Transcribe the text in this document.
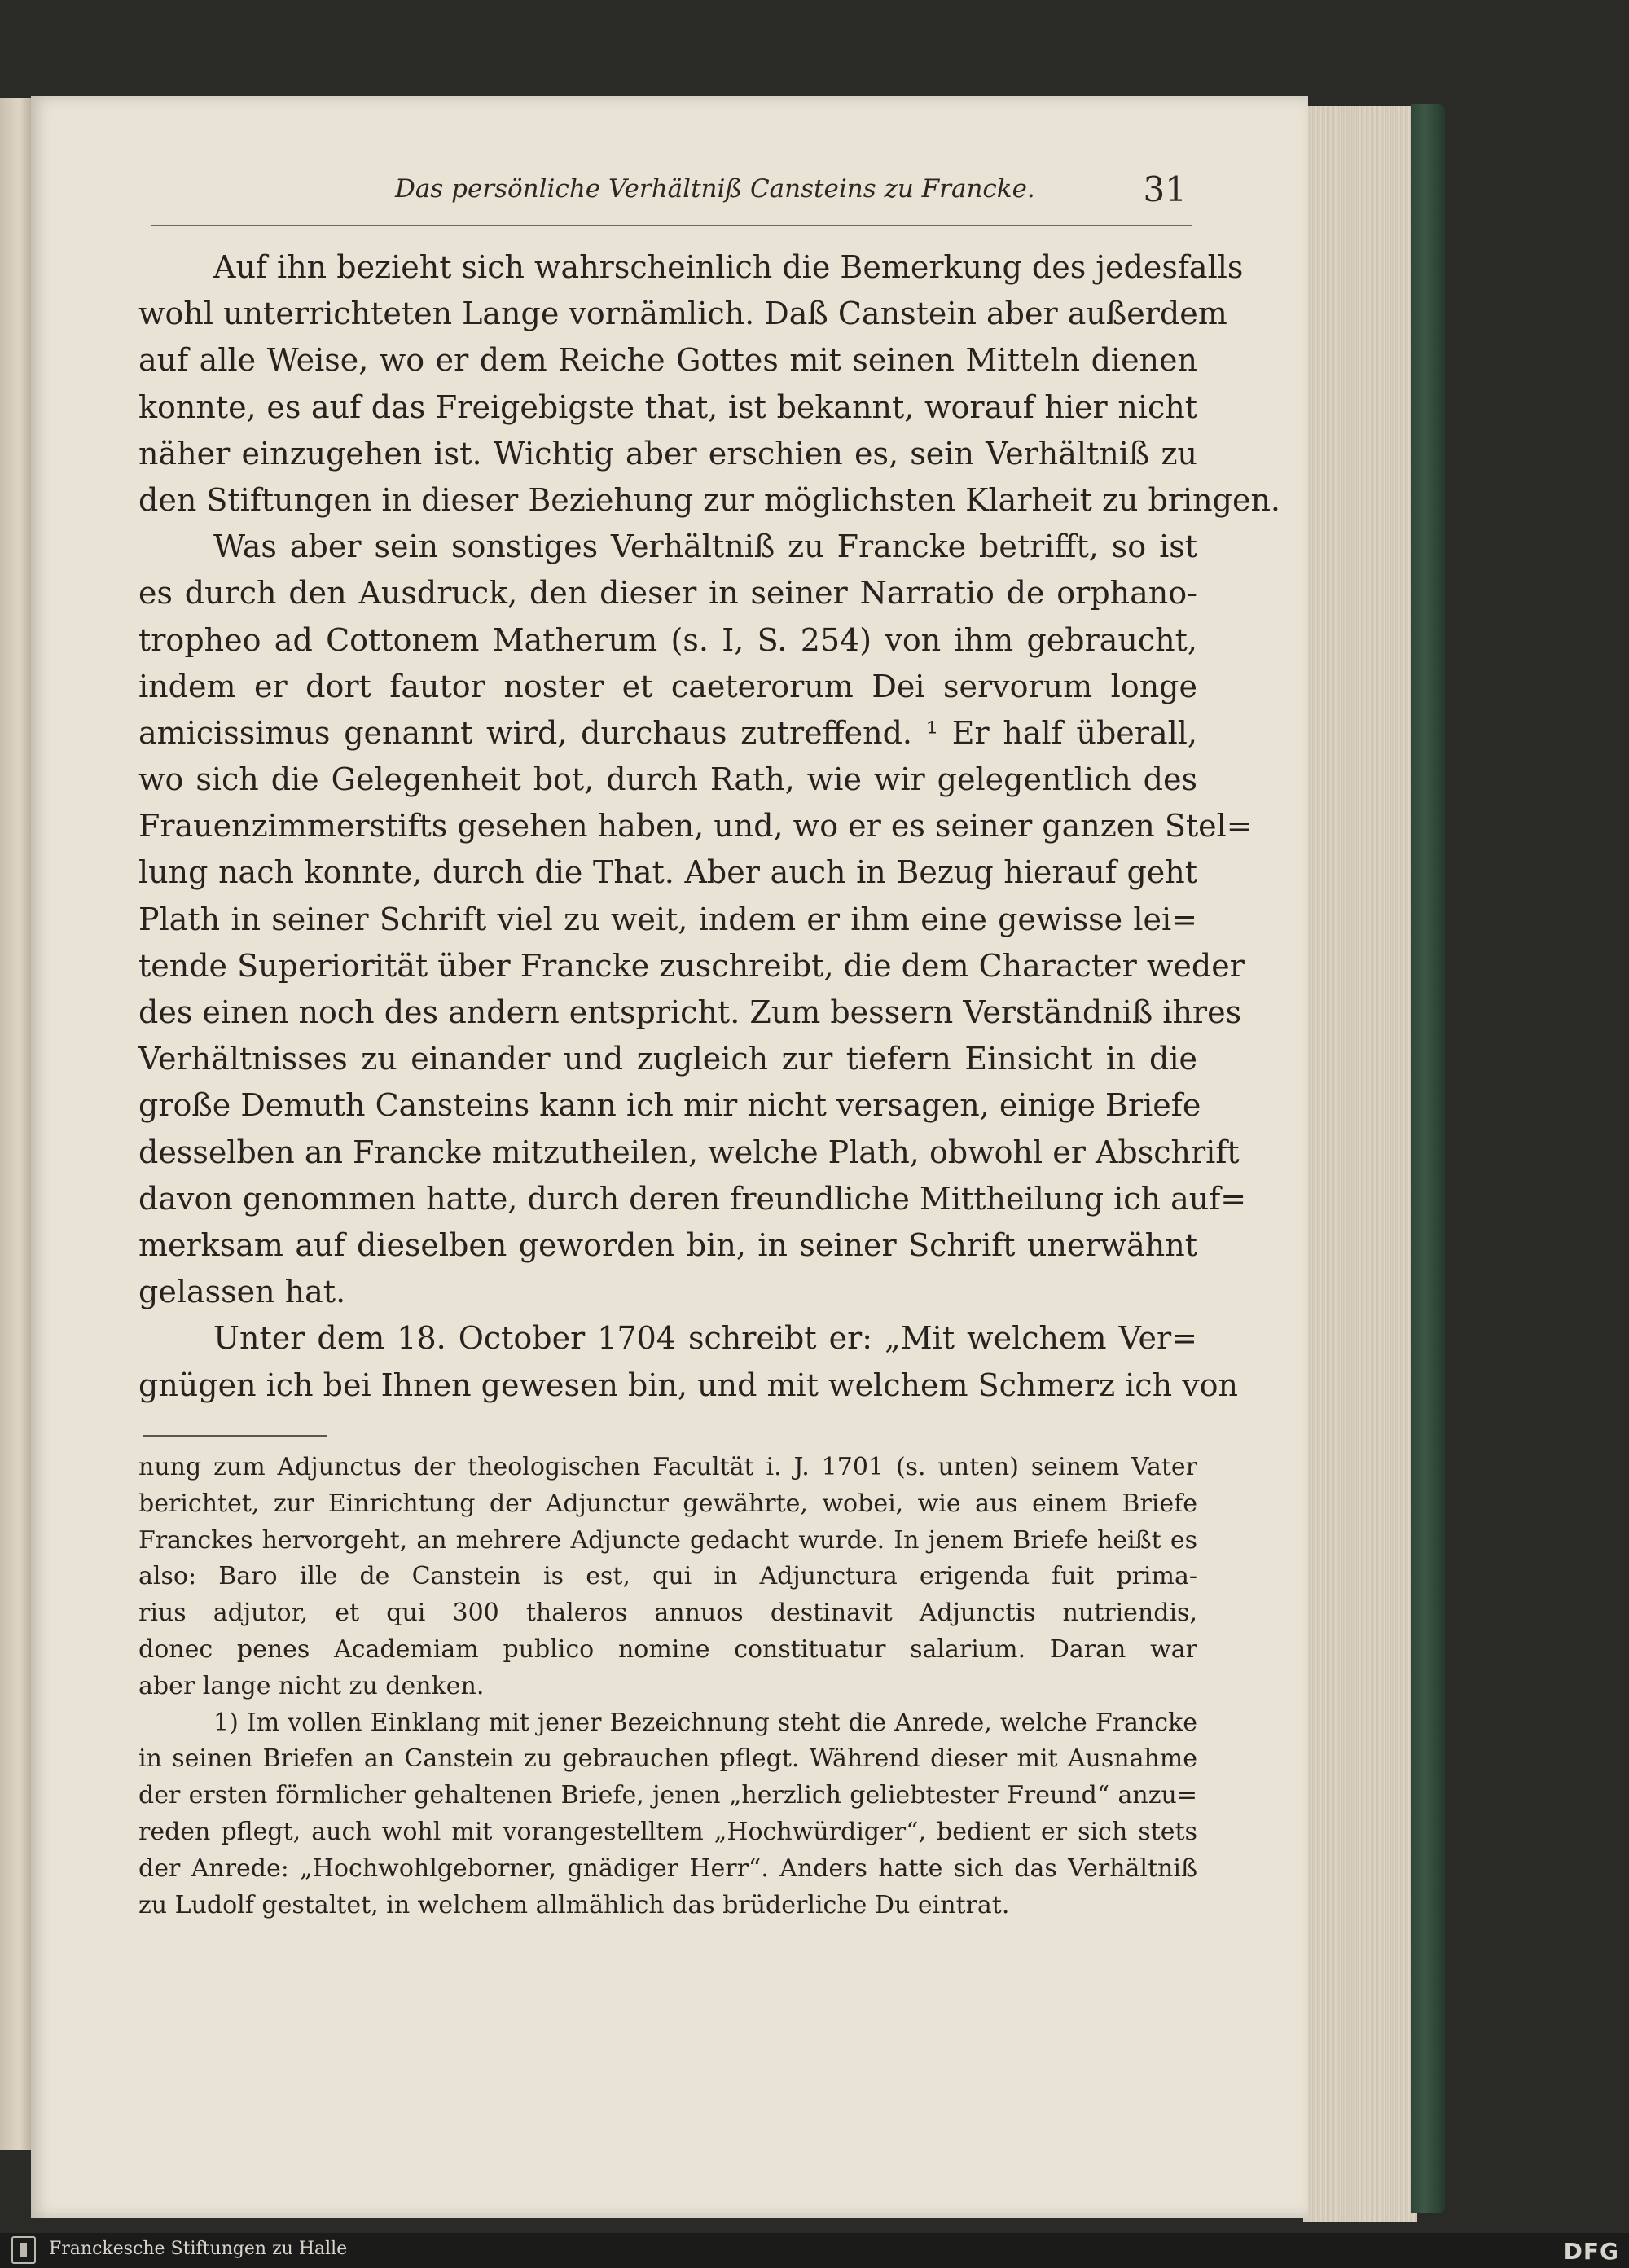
Das persönliche Verhältniß Cansteins zu Francke.	31
Auf ihn bezieht sich wahrscheinlich die Bemerkung des jedesfalls
wohl unterrichteten Lange vornämlich. Daß Canstein aber außerdem
auf alle Weise, wo er dem Reiche Gottes mit seinen Mitteln dienen
konnte, es auf das Freigebigste that, ist bekannt, worauf hier nicht
näher einzugehen ist. Wichtig aber erschien es, sein Verhältniß zu
den Stiftungen in dieser Beziehung zur möglichsten Klarheit zu bringen.
Was aber sein sonstiges Verhältniß zu Francke betrifft, so ist
es durch den Ausdruck, den dieser in seiner Narratio de orphano-
tropheo ad Cottonem Matherum (s. I, S. 254) von ihm gebraucht,
indem er dort fautor noster et caeterorum Dei servorum longe
amicissimus genannt wird, durchaus zutreffend. ¹ Er half überall,
wo sich die Gelegenheit bot, durch Rath, wie wir gelegentlich des
Frauenzimmerstifts gesehen haben, und, wo er es seiner ganzen Stel=
lung nach konnte, durch die That. Aber auch in Bezug hierauf geht
Plath in seiner Schrift viel zu weit, indem er ihm eine gewisse lei=
tende Superiorität über Francke zuschreibt, die dem Character weder
des einen noch des andern entspricht. Zum bessern Verständniß ihres
Verhältnisses zu einander und zugleich zur tiefern Einsicht in die
große Demuth Cansteins kann ich mir nicht versagen, einige Briefe
desselben an Francke mitzutheilen, welche Plath, obwohl er Abschrift
davon genommen hatte, durch deren freundliche Mittheilung ich auf=
merksam auf dieselben geworden bin, in seiner Schrift unerwähnt
gelassen hat.
Unter dem 18. October 1704 schreibt er: „Mit welchem Ver=
gnügen ich bei Ihnen gewesen bin, und mit welchem Schmerz ich von
nung zum Adjunctus der theologischen Facultät i. J. 1701 (s. unten) seinem Vater
berichtet, zur Einrichtung der Adjunctur gewährte, wobei, wie aus einem Briefe
Franckes hervorgeht, an mehrere Adjuncte gedacht wurde. In jenem Briefe heißt es
also: Baro ille de Canstein is est, qui in Adjunctura erigenda fuit prima-
rius adjutor, et qui 300 thaleros annuos destinavit Adjunctis nutriendis,
donec penes Academiam publico nomine constituatur salarium. Daran war
aber lange nicht zu denken.
1) Im vollen Einklang mit jener Bezeichnung steht die Anrede, welche Francke
in seinen Briefen an Canstein zu gebrauchen pflegt. Während dieser mit Ausnahme
der ersten förmlicher gehaltenen Briefe, jenen „herzlich geliebtester Freund“ anzu=
reden pflegt, auch wohl mit vorangestelltem „Hochwürdiger“, bedient er sich stets
der Anrede: „Hochwohlgeborner, gnädiger Herr“. Anders hatte sich das Verhältniß
zu Ludolf gestaltet, in welchem allmählich das brüderliche Du eintrat.
Franckesche Stiftungen zu Halle	DFG
